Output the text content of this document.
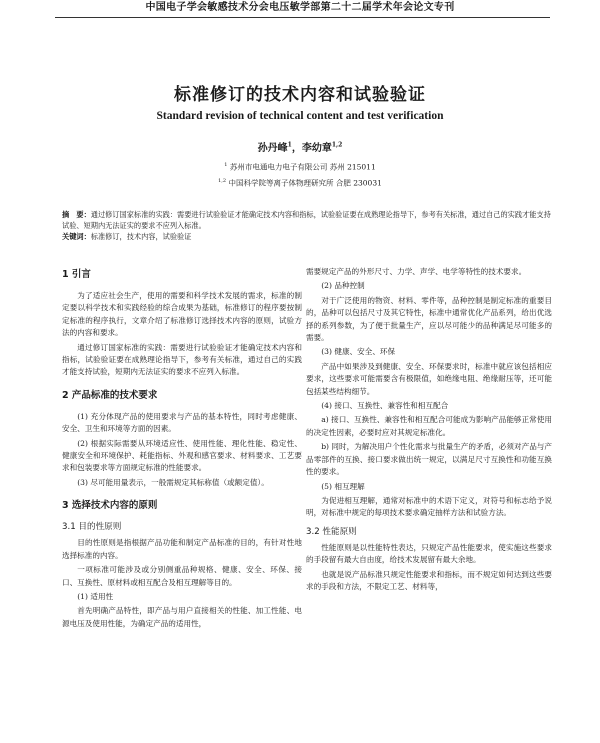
中国电子学会敏感技术分会电压敏学部第二十二届学术年会论文专刊
标准修订的技术内容和试验验证
Standard revision of technical content and test verification
孙丹峰$^1$，李幼章$^{1,2}$
$^1$ 苏州市电通电力电子有限公司 苏州 215011
$^{1,2}$ 中国科学院等离子体物理研究所 合肥 230031
摘　要：通过修订国家标准的实践：需要进行试验验证才能确定技术内容和指标，试验验证要在成熟理论指导下，参考有关标准，通过自己的实践才能支持试验、短期内无法证实的要求不应列入标准。
关键词：标准修订，技术内容，试验验证
1 引言

为了适应社会生产，使用的需要和科学技术发展的需求，标准的制定要以科学技术和实践经验的综合成果为基础，标准修订的程序要按制定标准的程序执行，文章介绍了标准修订选择技术内容的原则，试验方法的内容和要求。

通过修订国家标准的实践：需要进行试验验证才能确定技术内容和指标，试验验证要在成熟理论指导下，参考有关标准，通过自己的实践才能支持试验，短期内无法证实的要求不应列入标准。

2 产品标准的技术要求

(1) 充分体现产品的使用要求与产品的基本特性，同时考虑健康、安全、卫生和环境等方面的因素。

(2) 根据实际需要从环境适应性、使用性能、理化性能、稳定性、健康安全和环境保护、耗能指标、外观和感官要求、材料要求、工艺要求和包装要求等方面规定标准的性能要求。

(3) 尽可能用量表示，一般需规定其标称值（或额定值）。

3 选择技术内容的原则
3.1 目的性原则

目的性原则是指根据产品功能和制定产品标准的目的，有针对性地选择标准的内容。

一项标准可能涉及或分别侧重品种规格、健康、安全、环保、接口、互换性、原材料或相互配合及相互理解等目的。

(1) 适用性

首先明确产品特性，即产品与用户直接相关的性能、加工性能、电源电压及使用性能，为确定产品的适用性，

需要规定产品的外形尺寸、力学、声学、电学等特性的技术要求。

(2) 品种控制

对于广泛使用的物资、材料、零件等，品种控制是制定标准的重要目的，品种可以包括尺寸及其它特性，标准中通常优化产品系列，给出优选择的系列参数，为了便于批量生产，应以尽可能少的品种满足尽可能多的需要。

(3) 健康、安全、环保

产品中如果涉及到健康、安全、环保要求时，标准中就应该包括相应要求，这些要求可能需要含有极限值，如绝缘电阻、绝缘耐压等，还可能包括某些结构细节。

(4) 接口、互换性、兼容性和相互配合

a) 接口、互换性、兼容性和相互配合可能成为影响产品能够正常使用的决定性因素，必要时应对其规定标准化。

b) 同时，为解决用户个性化需求与批量生产的矛盾，必须对产品与产品零部件的互换、接口要求做出统一规定，以满足尺寸互换性和功能互换性的要求。

(5) 相互理解

为促进相互理解，通常对标准中的术语下定义，对符号和标志给予说明，对标准中规定的每项技术要求确定抽样方法和试验方法。

3.2 性能原则

性能原则是以性能特性表达，只规定产品性能要求，使实施这些要求的手段留有最大自由度，给技术发展留有最大余地。

也就是说产品标准只规定性能要求和指标，而不规定如何达到这些要求的手段和方法，不限定工艺、材料等，
